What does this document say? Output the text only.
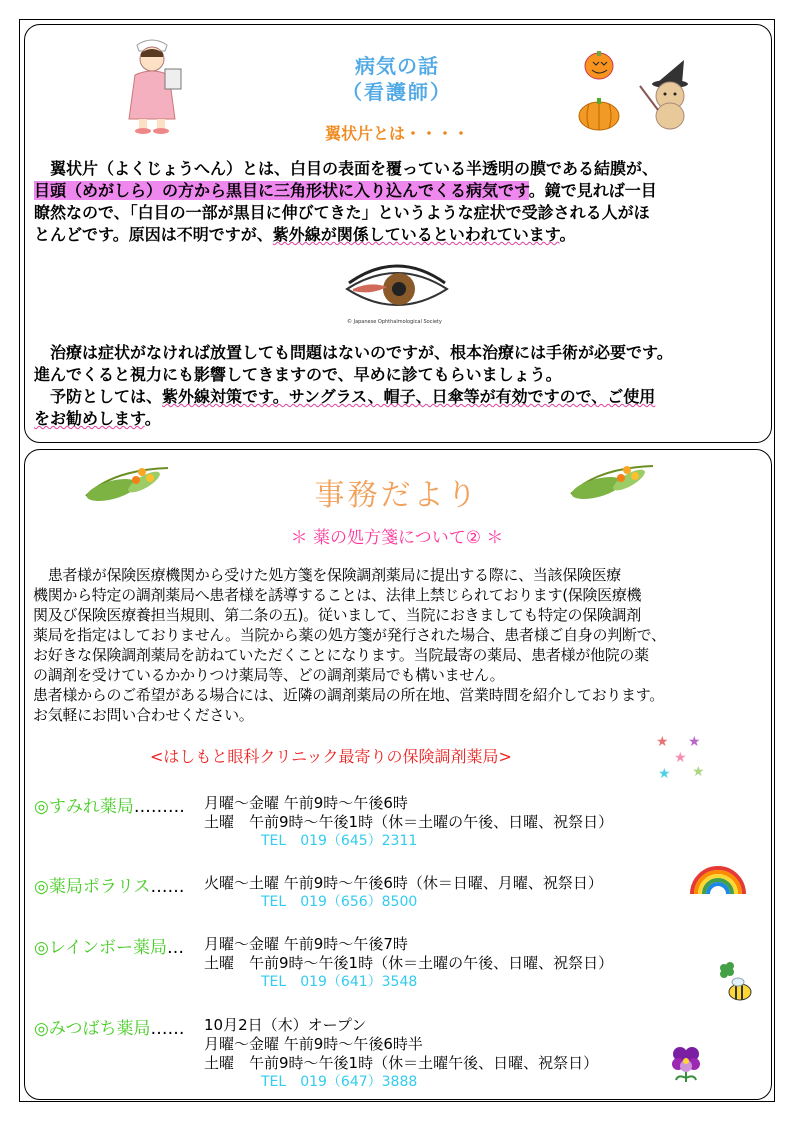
病気の話
（看護師）
翼状片とは・・・・

　翼状片（よくじょうへん）とは、白目の表面を覆っている半透明の膜である結膜が、

目頭（めがしら）の方から黒目に三角形状に入り込んでくる病気です。鏡で見れば一目

瞭然なので、「白目の一部が黒目に伸びてきた」というような症状で受診される人がほ

とんどです。原因は不明ですが、紫外線が関係しているといわれています。

© Japanese Ophthalmological Society

　治療は症状がなければ放置しても問題はないのですが、根本治療には手術が必要です。

進んでくると視力にも影響してきますので、早めに診てもらいましょう。

　予防としては、紫外線対策です。サングラス、帽子、日傘等が有効ですので、ご使用

をお勧めします。

事務だより
＊ 薬の処方箋について② ＊

　患者様が保険医療機関から受けた処方箋を保険調剤薬局に提出する際に、当該保険医療

機関から特定の調剤薬局へ患者様を誘導することは、法律上禁じられております(保険医療機

関及び保険医療養担当規則、第二条の五)。従いまして、当院におきましても特定の保険調剤

薬局を指定はしておりません。当院から薬の処方箋が発行された場合、患者様ご自身の判断で、

お好きな保険調剤薬局を訪ねていただくことになります。当院最寄の薬局、患者様が他院の薬

の調剤を受けているかかりつけ薬局等、どの調剤薬局でも構いません。

患者様からのご希望がある場合には、近隣の調剤薬局の所在地、営業時間を紹介しております。

お気軽にお問い合わせください。

<はしもと眼科クリニック最寄りの保険調剤薬局>
★ ★
★
★ ★
◎すみれ薬局……… 月曜～金曜 午前9時～午後6時
土曜　午前9時～午後1時（休＝土曜の午後、日曜、祝祭日）
TEL　019（645）2311
◎薬局ポラリス…… 火曜～土曜 午前9時～午後6時（休＝日曜、月曜、祝祭日）
TEL　019（656）8500
◎レインボー薬局… 月曜～金曜 午前9時～午後7時
土曜　午前9時～午後1時（休＝土曜の午後、日曜、祝祭日）
TEL　019（641）3548
◎みつばち薬局…… 10月2日（木）オープン
月曜～金曜 午前9時～午後6時半
土曜　午前9時～午後1時（休＝土曜午後、日曜、祝祭日）
TEL　019（647）3888
